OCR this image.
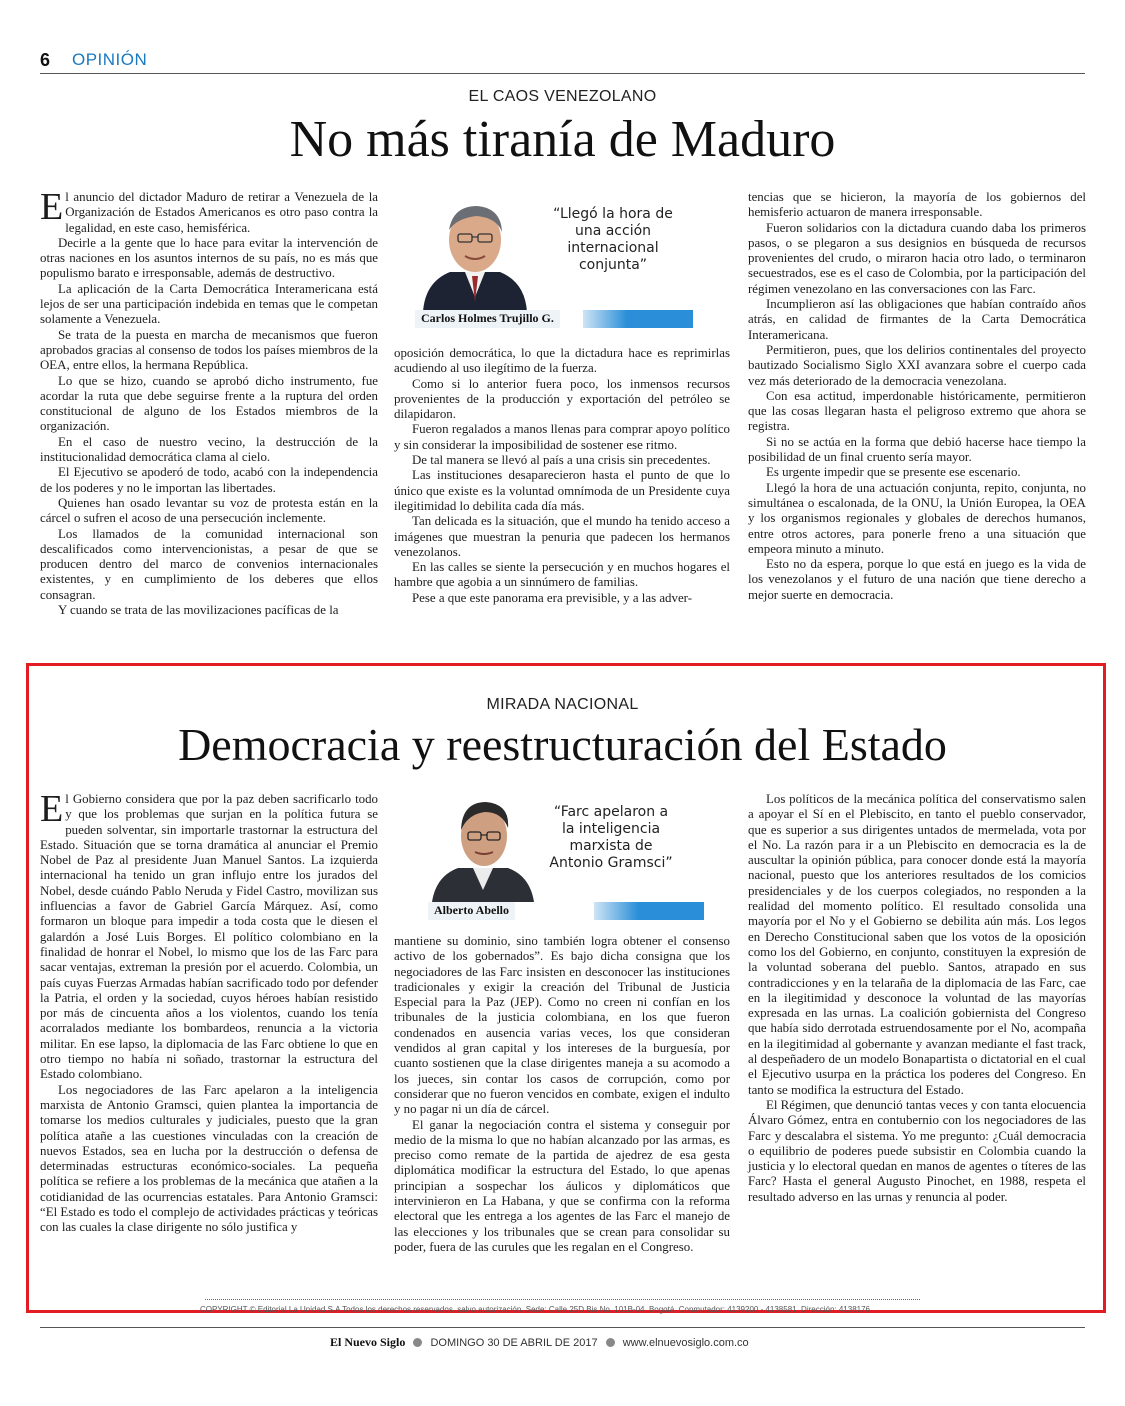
6 OPINIÓN
EL CAOS VENEZOLANO
No más tiranía de Maduro

El anuncio del dictador Maduro de retirar a Venezuela de la Organización de Estados Americanos es otro paso contra la legalidad, en este caso, hemisférica.

Decirle a la gente que lo hace para evitar la intervención de otras naciones en los asuntos internos de su país, no es más que populismo barato e irresponsable, además de destructivo.

La aplicación de la Carta Democrática Interamericana está lejos de ser una participación indebida en temas que le competan solamente a Venezuela.

Se trata de la puesta en marcha de mecanismos que fueron aprobados gracias al consenso de todos los países miembros de la OEA, entre ellos, la hermana República.

Lo que se hizo, cuando se aprobó dicho instrumento, fue acordar la ruta que debe seguirse frente a la ruptura del orden constitucional de alguno de los Estados miembros de la organización.

En el caso de nuestro vecino, la destrucción de la institucionalidad democrática clama al cielo.

El Ejecutivo se apoderó de todo, acabó con la independencia de los poderes y no le importan las libertades.

Quienes han osado levantar su voz de protesta están en la cárcel o sufren el acoso de una persecución inclemente.

Los llamados de la comunidad internacional son descalificados como intervencionistas, a pesar de que se producen dentro del marco de convenios internacionales existentes, y en cumplimiento de los deberes que ellos consagran.

Y cuando se trata de las movilizaciones pacíficas de la

“Llegó la hora de una acción internacional conjunta”
Carlos Holmes Trujillo G.

oposición democrática, lo que la dictadura hace es reprimirlas acudiendo al uso ilegítimo de la fuerza.

Como si lo anterior fuera poco, los inmensos recursos provenientes de la producción y exportación del petróleo se dilapidaron.

Fueron regalados a manos llenas para comprar apoyo político y sin considerar la imposibilidad de sostener ese ritmo.

De tal manera se llevó al país a una crisis sin precedentes.

Las instituciones desaparecieron hasta el punto de que lo único que existe es la voluntad omnímoda de un Presidente cuya ilegitimidad lo debilita cada día más.

Tan delicada es la situación, que el mundo ha tenido acceso a imágenes que muestran la penuria que padecen los hermanos venezolanos.

En las calles se siente la persecución y en muchos hogares el hambre que agobia a un sinnúmero de familias.

Pese a que este panorama era previsible, y a las adver-

tencias que se hicieron, la mayoría de los gobiernos del hemisferio actuaron de manera irresponsable.

Fueron solidarios con la dictadura cuando daba los primeros pasos, o se plegaron a sus designios en búsqueda de recursos provenientes del crudo, o miraron hacia otro lado, o terminaron secuestrados, ese es el caso de Colombia, por la participación del régimen venezolano en las conversaciones con las Farc.

Incumplieron así las obligaciones que habían contraído años atrás, en calidad de firmantes de la Carta Democrática Interamericana.

Permitieron, pues, que los delirios continentales del proyecto bautizado Socialismo Siglo XXI avanzara sobre el cuerpo cada vez más deteriorado de la democracia venezolana.

Con esa actitud, imperdonable históricamente, permitieron que las cosas llegaran hasta el peligroso extremo que ahora se registra.

Si no se actúa en la forma que debió hacerse hace tiempo la posibilidad de un final cruento sería mayor.

Es urgente impedir que se presente ese escenario.

Llegó la hora de una actuación conjunta, repito, conjunta, no simultánea o escalonada, de la ONU, la Unión Europea, la OEA y los organismos regionales y globales de derechos humanos, entre otros actores, para ponerle freno a una situación que empeora minuto a minuto.

Esto no da espera, porque lo que está en juego es la vida de los venezolanos y el futuro de una nación que tiene derecho a mejor suerte en democracia.

MIRADA NACIONAL
Democracia y reestructuración del Estado

El Gobierno considera que por la paz deben sacrificarlo todo y que los problemas que surjan en la política futura se pueden solventar, sin importarle trastornar la estructura del Estado. Situación que se torna dramática al anunciar el Premio Nobel de Paz al presidente Juan Manuel Santos. La izquierda internacional ha tenido un gran influjo entre los jurados del Nobel, desde cuándo Pablo Neruda y Fidel Castro, movilizan sus influencias a favor de Gabriel García Márquez. Así, como formaron un bloque para impedir a toda costa que le diesen el galardón a José Luis Borges. El político colombiano en la finalidad de honrar el Nobel, lo mismo que los de las Farc para sacar ventajas, extreman la presión por el acuerdo. Colombia, un país cuyas Fuerzas Armadas habían sacrificado todo por defender la Patria, el orden y la sociedad, cuyos héroes habían resistido por más de cincuenta años a los violentos, cuando los tenía acorralados mediante los bombardeos, renuncia a la victoria militar. En ese lapso, la diplomacia de las Farc obtiene lo que en otro tiempo no había ni soñado, trastornar la estructura del Estado colombiano.

Los negociadores de las Farc apelaron a la inteligencia marxista de Antonio Gramsci, quien plantea la importancia de tomarse los medios culturales y judiciales, puesto que la gran política atañe a las cuestiones vinculadas con la creación de nuevos Estados, sea en lucha por la destrucción o defensa de determinadas estructuras económico-sociales. La pequeña política se refiere a los problemas de la mecánica que atañen a la cotidianidad de las ocurrencias estatales. Para Antonio Gramsci: “El Estado es todo el complejo de actividades prácticas y teóricas con las cuales la clase dirigente no sólo justifica y

“Farc apelaron a la inteligencia marxista de Antonio Gramsci”
Alberto Abello

mantiene su dominio, sino también logra obtener el consenso activo de los gobernados”. Es bajo dicha consigna que los negociadores de las Farc insisten en desconocer las instituciones tradicionales y exigir la creación del Tribunal de Justicia Especial para la Paz (JEP). Como no creen ni confían en los tribunales de la justicia colombiana, en los que fueron condenados en ausencia varias veces, los que consideran vendidos al gran capital y los intereses de la burguesía, por cuanto sostienen que la clase dirigentes maneja a su acomodo a los jueces, sin contar los casos de corrupción, como por considerar que no fueron vencidos en combate, exigen el indulto y no pagar ni un día de cárcel.

El ganar la negociación contra el sistema y conseguir por medio de la misma lo que no habían alcanzado por las armas, es preciso como remate de la partida de ajedrez de esa gesta diplomática modificar la estructura del Estado, lo que apenas principian a sospechar los áulicos y diplomáticos que intervinieron en La Habana, y que se confirma con la reforma electoral que les entrega a los agentes de las Farc el manejo de las elecciones y los tribunales que se crean para consolidar su poder, fuera de las curules que les regalan en el Congreso.

Los políticos de la mecánica política del conservatismo salen a apoyar el Sí en el Plebiscito, en tanto el pueblo conservador, que es superior a sus dirigentes untados de mermelada, vota por el No. La razón para ir a un Plebiscito en democracia es la de auscultar la opinión pública, para conocer donde está la mayoría nacional, puesto que los anteriores resultados de los comicios presidenciales y de los cuerpos colegiados, no responden a la realidad del momento político. El resultado consolida una mayoría por el No y el Gobierno se debilita aún más. Los legos en Derecho Constitucional saben que los votos de la oposición como los del Gobierno, en conjunto, constituyen la expresión de la voluntad soberana del pueblo. Santos, atrapado en sus contradicciones y en la telaraña de la diplomacia de las Farc, cae en la ilegitimidad y desconoce la voluntad de las mayorías expresada en las urnas. La coalición gobiernista del Congreso que había sido derrotada estruendosamente por el No, acompaña en la ilegitimidad al gobernante y avanzan mediante el fast track, al despeñadero de un modelo Bonapartista o dictatorial en el cual el Ejecutivo usurpa en la práctica los poderes del Congreso. En tanto se modifica la estructura del Estado.

El Régimen, que denunció tantas veces y con tanta elocuencia Álvaro Gómez, entra en contubernio con los negociadores de las Farc y descalabra el sistema. Yo me pregunto: ¿Cuál democracia o equilibrio de poderes puede subsistir en Colombia cuando la justicia y lo electoral quedan en manos de agentes o títeres de las Farc? Hasta el general Augusto Pinochet, en 1988, respeta el resultado adverso en las urnas y renuncia al poder.

COPYRIGHT © Editorial La Unidad S.A Todos los derechos reservados, salvo autorización. Sede: Calle 25D Bis No. 101B-04, Bogotá. Conmutador: 4139200 - 4138581, Dirección: 4138176
El Nuevo Siglo DOMINGO 30 DE ABRIL DE 2017 www.elnuevosiglo.com.co
